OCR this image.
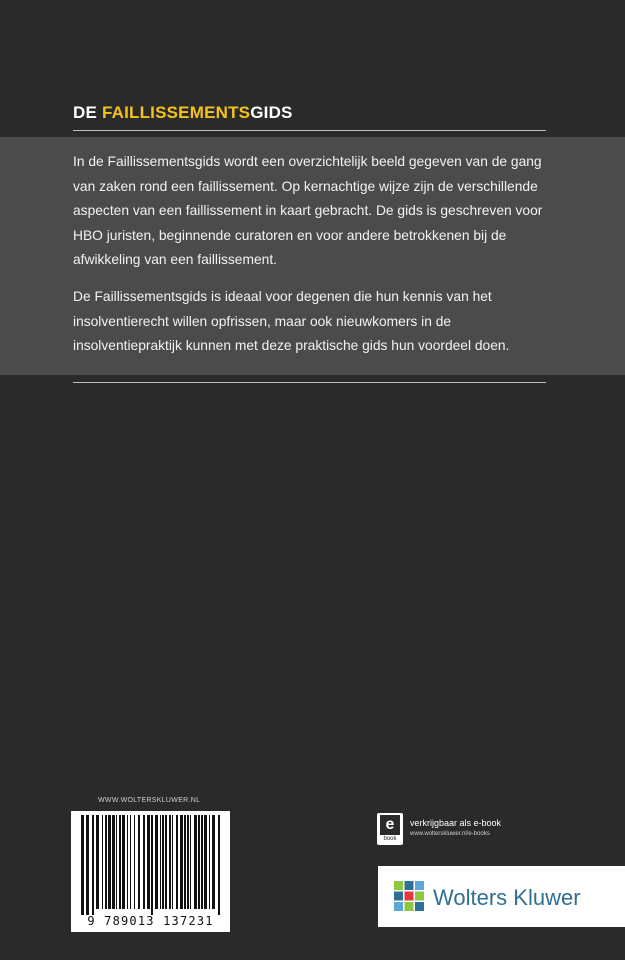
DE FAILLISSEMENTSGIDS

In de Faillissementsgids wordt een overzichtelijk beeld gegeven van de gang van zaken rond een faillissement. Op kernachtige wijze zijn de verschillende aspecten van een faillissement in kaart gebracht. De gids is geschreven voor HBO juristen, beginnende curatoren en voor andere betrokkenen bij de afwikkeling van een faillissement.

De Faillissementsgids is ideaal voor degenen die hun kennis van het insolventierecht willen opfrissen, maar ook nieuwkomers in de insolventiepraktijk kunnen met deze praktische gids hun voordeel doen.

WWW.WOLTERSKLUWER.NL
9 789013 137231
e
book
verkrijgbaar als e-book
www.wolterskluwer.nl/e-books
Wolters Kluwer
